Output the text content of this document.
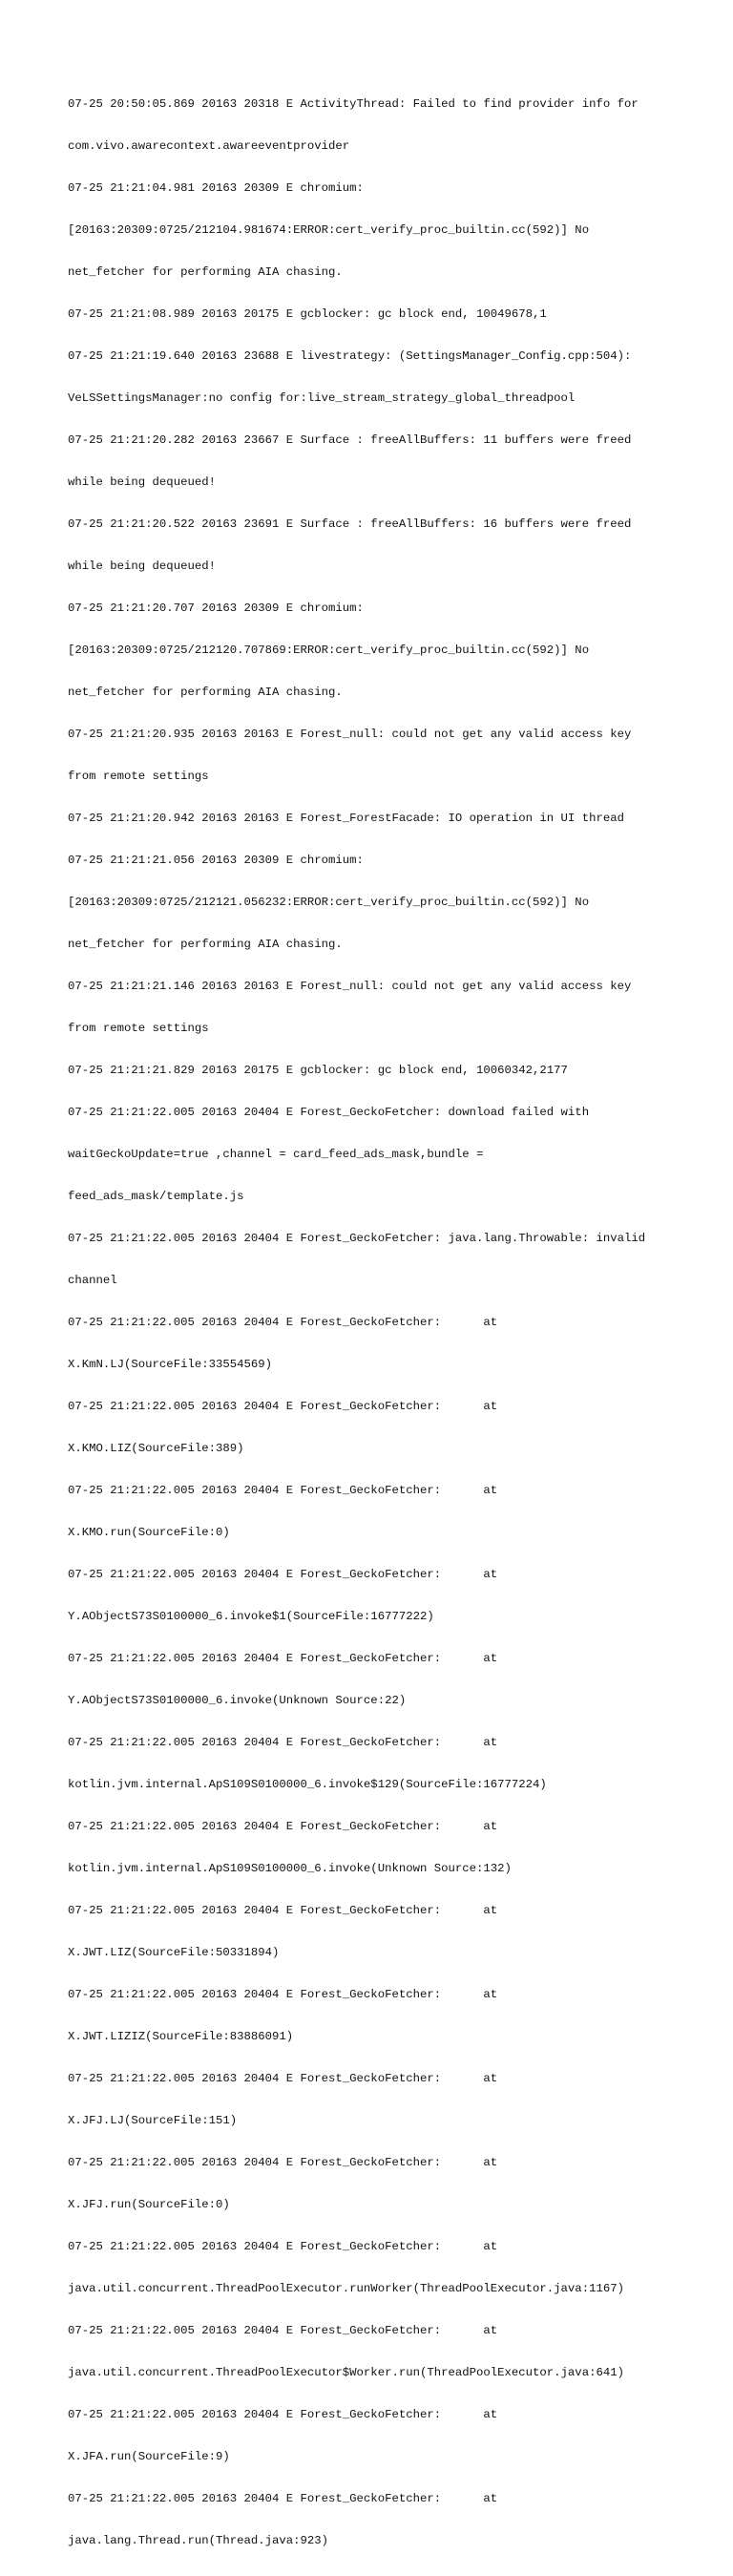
07-25 20:50:05.869 20163 20318 E ActivityThread: Failed to find provider info for

com.vivo.awarecontext.awareeventprovider

07-25 21:21:04.981 20163 20309 E chromium:

[20163:20309:0725/212104.981674:ERROR:cert_verify_proc_builtin.cc(592)] No

net_fetcher for performing AIA chasing.

07-25 21:21:08.989 20163 20175 E gcblocker: gc block end, 10049678,1

07-25 21:21:19.640 20163 23688 E livestrategy: (SettingsManager_Config.cpp:504):

VeLSSettingsManager:no config for:live_stream_strategy_global_threadpool

07-25 21:21:20.282 20163 23667 E Surface : freeAllBuffers: 11 buffers were freed

while being dequeued!

07-25 21:21:20.522 20163 23691 E Surface : freeAllBuffers: 16 buffers were freed

while being dequeued!

07-25 21:21:20.707 20163 20309 E chromium:

[20163:20309:0725/212120.707869:ERROR:cert_verify_proc_builtin.cc(592)] No

net_fetcher for performing AIA chasing.

07-25 21:21:20.935 20163 20163 E Forest_null: could not get any valid access key

from remote settings

07-25 21:21:20.942 20163 20163 E Forest_ForestFacade: IO operation in UI thread

07-25 21:21:21.056 20163 20309 E chromium:

[20163:20309:0725/212121.056232:ERROR:cert_verify_proc_builtin.cc(592)] No

net_fetcher for performing AIA chasing.

07-25 21:21:21.146 20163 20163 E Forest_null: could not get any valid access key

from remote settings

07-25 21:21:21.829 20163 20175 E gcblocker: gc block end, 10060342,2177

07-25 21:21:22.005 20163 20404 E Forest_GeckoFetcher: download failed with

waitGeckoUpdate=true ,channel = card_feed_ads_mask,bundle =

feed_ads_mask/template.js

07-25 21:21:22.005 20163 20404 E Forest_GeckoFetcher: java.lang.Throwable: invalid

channel

07-25 21:21:22.005 20163 20404 E Forest_GeckoFetcher:      at

X.KmN.LJ(SourceFile:33554569)

07-25 21:21:22.005 20163 20404 E Forest_GeckoFetcher:      at

X.KMO.LIZ(SourceFile:389)

07-25 21:21:22.005 20163 20404 E Forest_GeckoFetcher:      at

X.KMO.run(SourceFile:0)

07-25 21:21:22.005 20163 20404 E Forest_GeckoFetcher:      at

Y.AObjectS73S0100000_6.invoke$1(SourceFile:16777222)

07-25 21:21:22.005 20163 20404 E Forest_GeckoFetcher:      at

Y.AObjectS73S0100000_6.invoke(Unknown Source:22)

07-25 21:21:22.005 20163 20404 E Forest_GeckoFetcher:      at

kotlin.jvm.internal.ApS109S0100000_6.invoke$129(SourceFile:16777224)

07-25 21:21:22.005 20163 20404 E Forest_GeckoFetcher:      at

kotlin.jvm.internal.ApS109S0100000_6.invoke(Unknown Source:132)

07-25 21:21:22.005 20163 20404 E Forest_GeckoFetcher:      at

X.JWT.LIZ(SourceFile:50331894)

07-25 21:21:22.005 20163 20404 E Forest_GeckoFetcher:      at

X.JWT.LIZIZ(SourceFile:83886091)

07-25 21:21:22.005 20163 20404 E Forest_GeckoFetcher:      at

X.JFJ.LJ(SourceFile:151)

07-25 21:21:22.005 20163 20404 E Forest_GeckoFetcher:      at

X.JFJ.run(SourceFile:0)

07-25 21:21:22.005 20163 20404 E Forest_GeckoFetcher:      at

java.util.concurrent.ThreadPoolExecutor.runWorker(ThreadPoolExecutor.java:1167)

07-25 21:21:22.005 20163 20404 E Forest_GeckoFetcher:      at

java.util.concurrent.ThreadPoolExecutor$Worker.run(ThreadPoolExecutor.java:641)

07-25 21:21:22.005 20163 20404 E Forest_GeckoFetcher:      at

X.JFA.run(SourceFile:9)

07-25 21:21:22.005 20163 20404 E Forest_GeckoFetcher:      at

java.lang.Thread.run(Thread.java:923)
